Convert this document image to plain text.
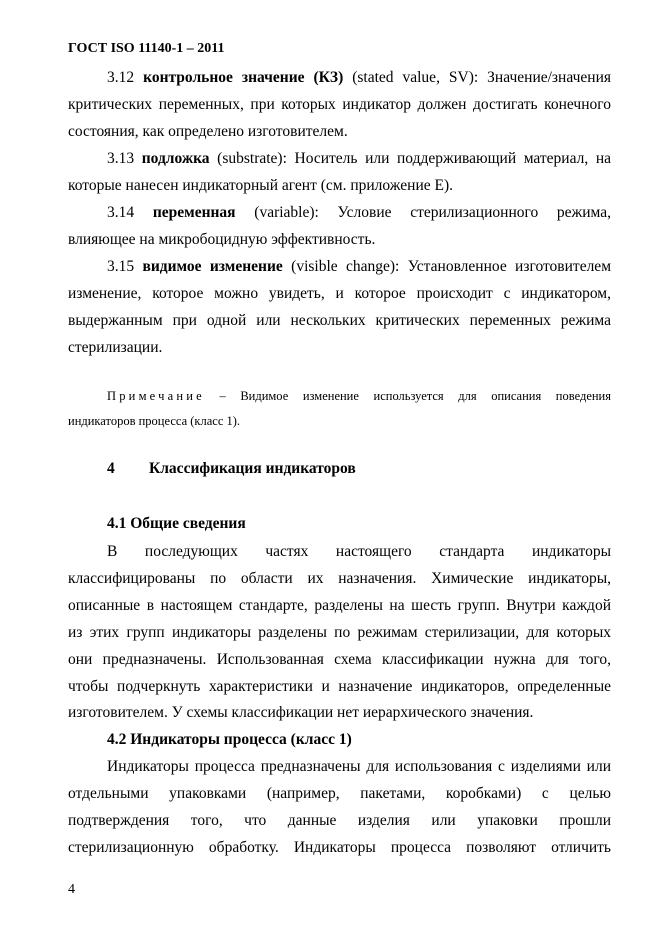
ГОСТ ISO 11140-1 – 2011
3.12 контрольное значение (КЗ) (stated value, SV): Значение/значения
критических переменных, при которых индикатор должен достигать конечного
состояния, как определено изготовителем.
3.13 подложка (substrate): Носитель или поддерживающий материал, на
которые нанесен индикаторный агент (см. приложение Е).
3.14 переменная (variable): Условие стерилизационного режима,
влияющее на микробоцидную эффективность.
3.15 видимое изменение (visible change): Установленное изготовителем
изменение, которое можно увидеть, и которое происходит с индикатором,
выдержанным при одной или нескольких критических переменных режима
стерилизации.
Примечание – Видимое изменение используется для описания поведения
индикаторов процесса (класс 1).
4 Классификация индикаторов
4.1 Общие сведения
В последующих частях настоящего стандарта индикаторы
классифицированы по области их назначения. Химические индикаторы,
описанные в настоящем стандарте, разделены на шесть групп. Внутри каждой
из этих групп индикаторы разделены по режимам стерилизации, для которых
они предназначены. Использованная схема классификации нужна для того,
чтобы подчеркнуть характеристики и назначение индикаторов, определенные
изготовителем. У схемы классификации нет иерархического значения.
4.2 Индикаторы процесса (класс 1)
Индикаторы процесса предназначены для использования с изделиями или
отдельными упаковками (например, пакетами, коробками) с целью
подтверждения того, что данные изделия или упаковки прошли
стерилизационную обработку. Индикаторы процесса позволяют отличить
4
